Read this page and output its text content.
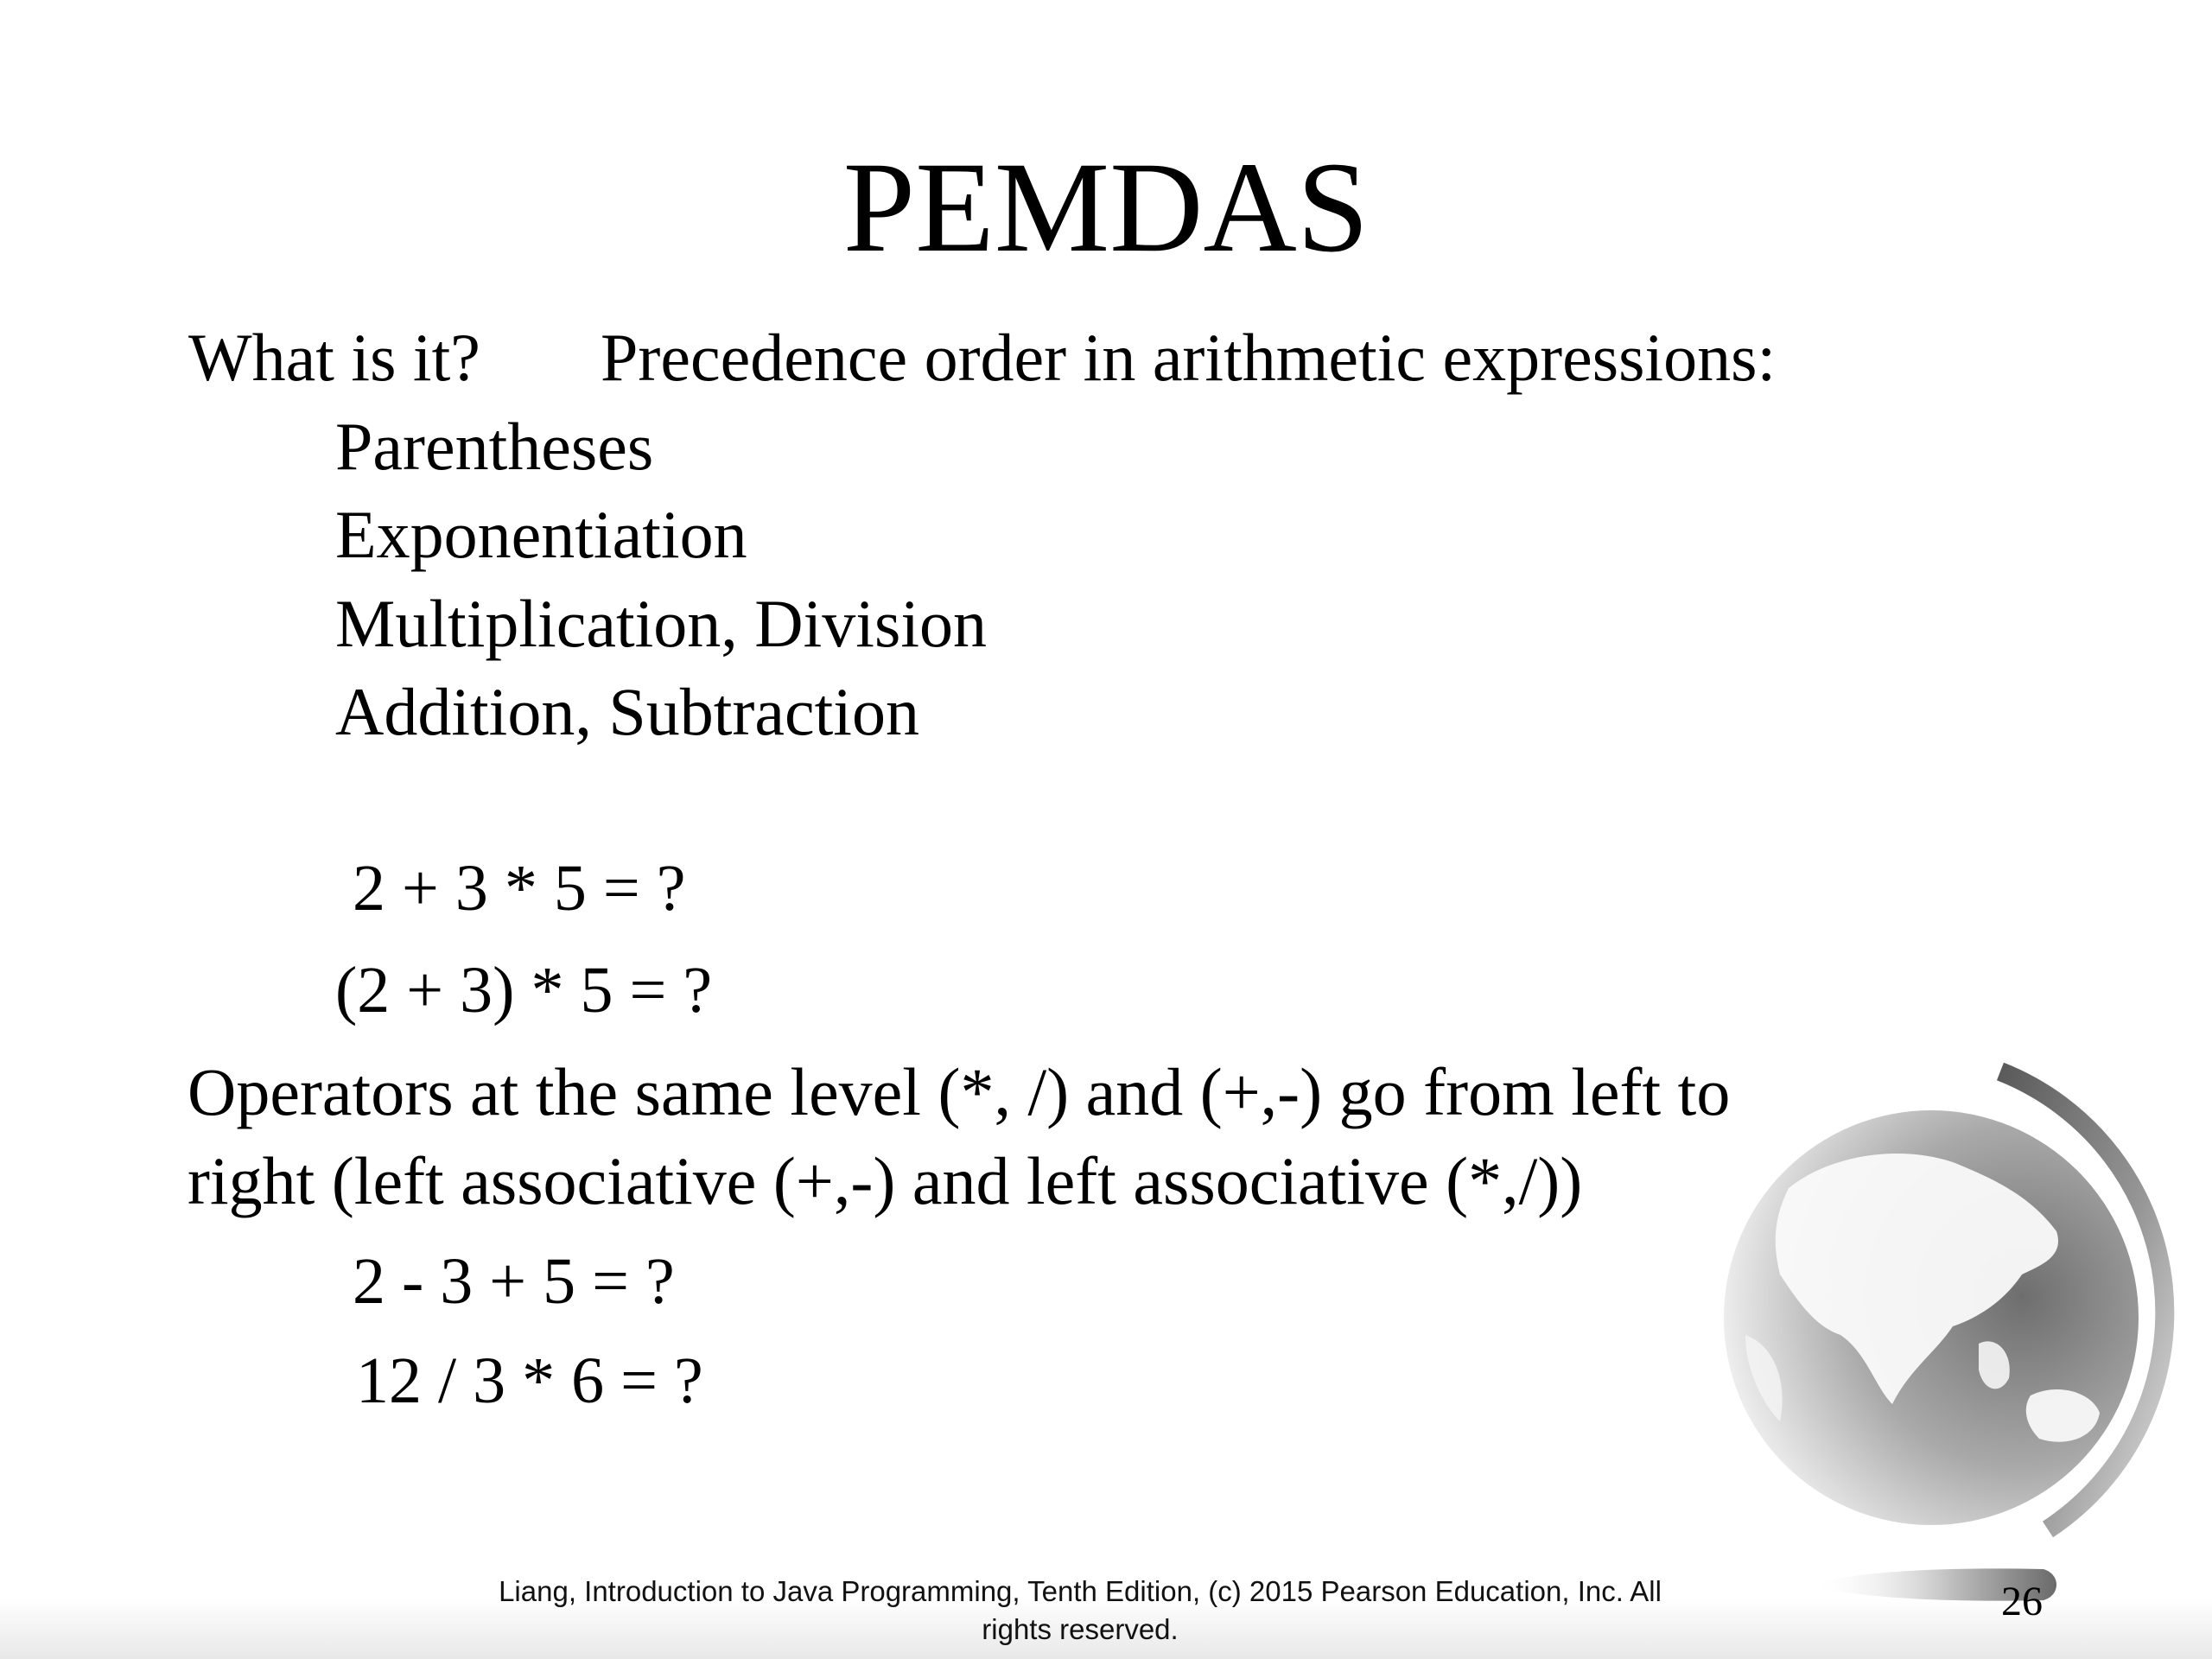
PEMDAS
What is it? Precedence order in arithmetic expressions:
Parentheses
Exponentiation
Multiplication, Division
Addition, Subtraction
2 + 3 * 5 = ?
(2 + 3) * 5 = ?
Operators at the same level (*, /) and (+,-) go from left to
right (left associative (+,-) and left associative (*,/))
2 - 3 + 5 = ?
12 / 3 * 6 = ?
Liang, Introduction to Java Programming, Tenth Edition, (c) 2015 Pearson Education, Inc. All
rights reserved.
26
